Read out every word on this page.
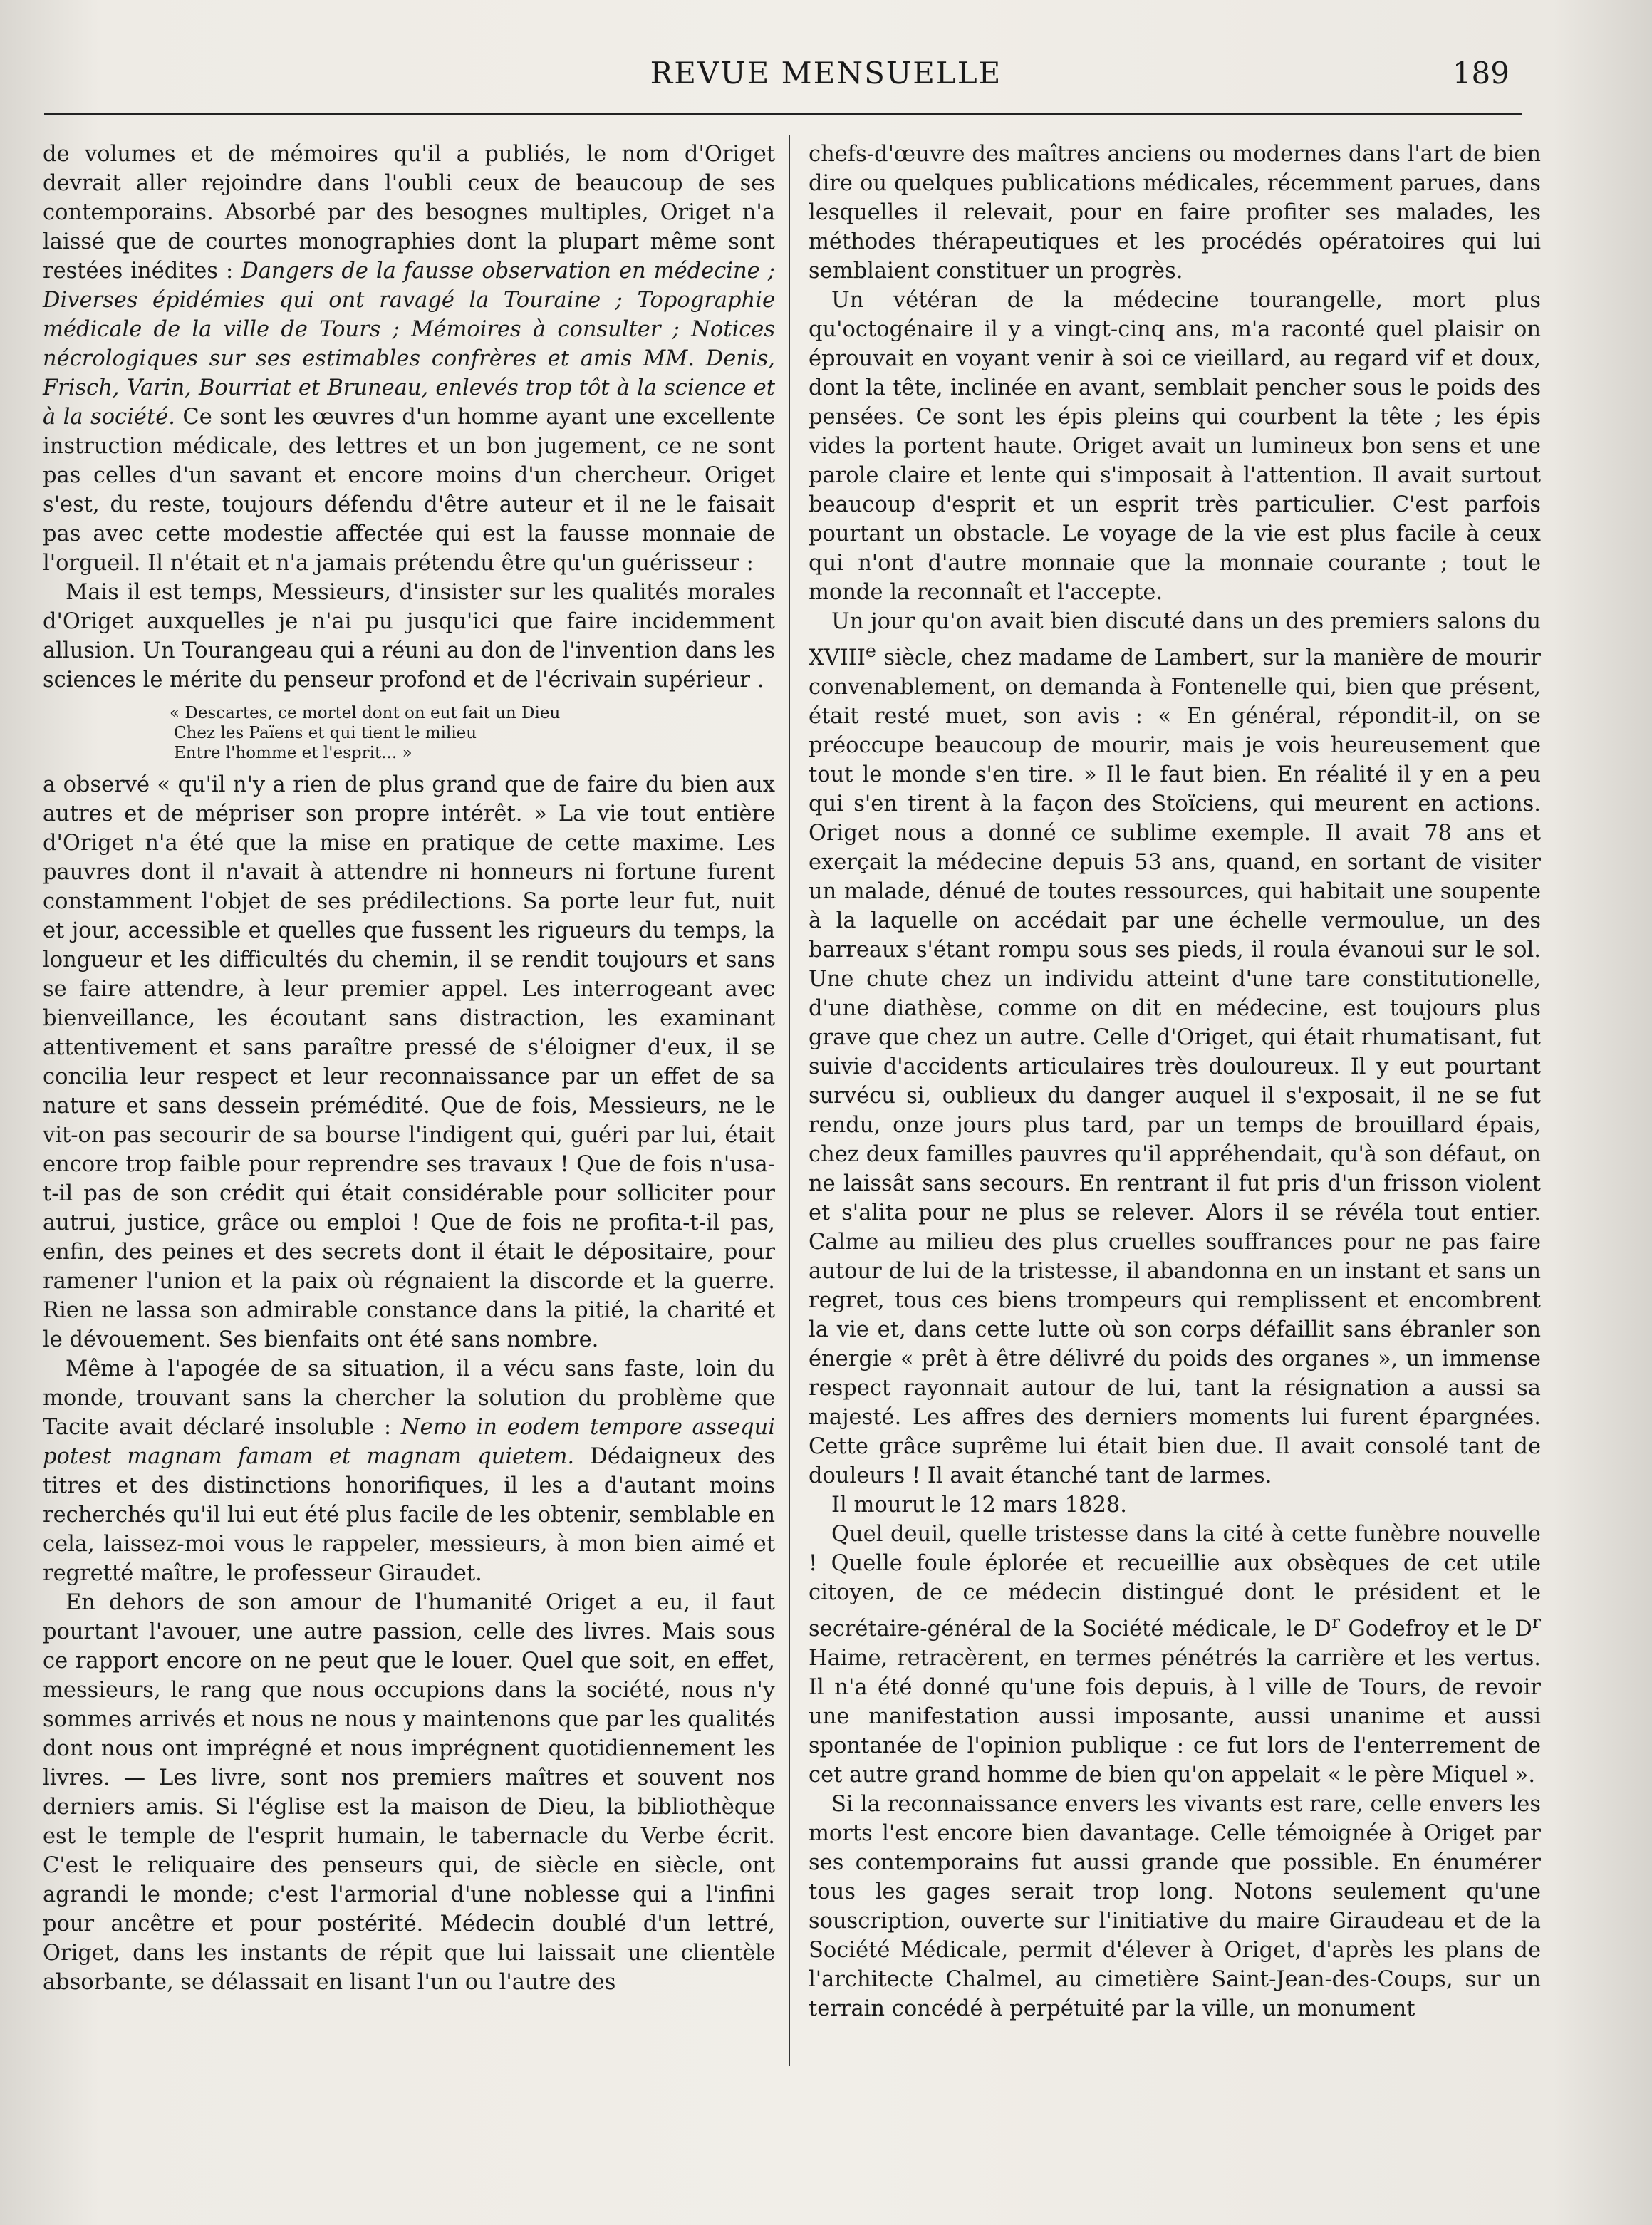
REVUE MENSUELLE	189

de volumes et de mémoires qu'il a publiés, le nom d'Origet devrait aller rejoindre dans l'oubli ceux de beaucoup de ses contemporains. Absorbé par des besognes multiples, Origet n'a laissé que de courtes monographies dont la plupart même sont restées inédites : Dangers de la fausse observation en médecine ; Diverses épidémies qui ont ravagé la Touraine ; Topographie médicale de la ville de Tours ; Mémoires à consulter ; Notices nécrologiques sur ses estimables confrères et amis MM. Denis, Frisch, Varin, Bourriat et Bruneau, enlevés trop tôt à la science et à la société. Ce sont les œuvres d'un homme ayant une excellente instruction médicale, des lettres et un bon jugement, ce ne sont pas celles d'un savant et encore moins d'un chercheur. Origet s'est, du reste, toujours défendu d'être auteur et il ne le faisait pas avec cette modestie affectée qui est la fausse monnaie de l'orgueil. Il n'était et n'a jamais prétendu être qu'un guérisseur :

Mais il est temps, Messieurs, d'insister sur les qualités morales d'Origet auxquelles je n'ai pu jusqu'ici que faire incidemment allusion. Un Tourangeau qui a réuni au don de l'invention dans les sciences le mérite du penseur profond et de l'écrivain supérieur .

« Descartes, ce mortel dont on eut fait un Dieu
Chez les Païens et qui tient le milieu
Entre l'homme et l'esprit... »

a observé « qu'il n'y a rien de plus grand que de faire du bien aux autres et de mépriser son propre intérêt. » La vie tout entière d'Origet n'a été que la mise en pratique de cette maxime. Les pauvres dont il n'avait à attendre ni honneurs ni fortune furent constamment l'objet de ses prédilections. Sa porte leur fut, nuit et jour, accessible et quelles que fussent les rigueurs du temps, la longueur et les difficultés du chemin, il se rendit toujours et sans se faire attendre, à leur premier appel. Les interrogeant avec bienveillance, les écoutant sans distraction, les examinant attentivement et sans paraître pressé de s'éloigner d'eux, il se concilia leur respect et leur reconnaissance par un effet de sa nature et sans dessein prémédité. Que de fois, Messieurs, ne le vit-on pas secourir de sa bourse l'indigent qui, guéri par lui, était encore trop faible pour reprendre ses travaux ! Que de fois n'usa-t-il pas de son crédit qui était considérable pour solliciter pour autrui, justice, grâce ou emploi ! Que de fois ne profita-t-il pas, enfin, des peines et des secrets dont il était le dépositaire, pour ramener l'union et la paix où régnaient la discorde et la guerre. Rien ne lassa son admirable constance dans la pitié, la charité et le dévouement. Ses bienfaits ont été sans nombre.

Même à l'apogée de sa situation, il a vécu sans faste, loin du monde, trouvant sans la chercher la solution du problème que Tacite avait déclaré insoluble : Nemo in eodem tempore assequi potest magnam famam et magnam quietem. Dédaigneux des titres et des distinctions honorifiques, il les a d'autant moins recherchés qu'il lui eut été plus facile de les obtenir, semblable en cela, laissez-moi vous le rappeler, messieurs, à mon bien aimé et regretté maître, le professeur Giraudet.

En dehors de son amour de l'humanité Origet a eu, il faut pourtant l'avouer, une autre passion, celle des livres. Mais sous ce rapport encore on ne peut que le louer. Quel que soit, en effet, messieurs, le rang que nous occupions dans la société, nous n'y sommes arrivés et nous ne nous y maintenons que par les qualités dont nous ont imprégné et nous imprégnent quotidiennement les livres. — Les livre, sont nos premiers maîtres et souvent nos derniers amis. Si l'église est la maison de Dieu, la bibliothèque est le temple de l'esprit humain, le tabernacle du Verbe écrit. C'est le reliquaire des penseurs qui, de siècle en siècle, ont agrandi le monde; c'est l'armorial d'une noblesse qui a l'infini pour ancêtre et pour postérité. Médecin doublé d'un lettré, Origet, dans les instants de répit que lui laissait une clientèle absorbante, se délassait en lisant l'un ou l'autre des

chefs-d'œuvre des maîtres anciens ou modernes dans l'art de bien dire ou quelques publications médicales, récemment parues, dans lesquelles il relevait, pour en faire profiter ses malades, les méthodes thérapeutiques et les procédés opératoires qui lui semblaient constituer un progrès.

Un vétéran de la médecine tourangelle, mort plus qu'octogénaire il y a vingt-cinq ans, m'a raconté quel plaisir on éprouvait en voyant venir à soi ce vieillard, au regard vif et doux, dont la tête, inclinée en avant, semblait pencher sous le poids des pensées. Ce sont les épis pleins qui courbent la tête ; les épis vides la portent haute. Origet avait un lumineux bon sens et une parole claire et lente qui s'imposait à l'attention. Il avait surtout beaucoup d'esprit et un esprit très particulier. C'est parfois pourtant un obstacle. Le voyage de la vie est plus facile à ceux qui n'ont d'autre monnaie que la monnaie courante ; tout le monde la reconnaît et l'accepte.

Un jour qu'on avait bien discuté dans un des premiers salons du XVIIIe siècle, chez madame de Lambert, sur la manière de mourir convenablement, on demanda à Fontenelle qui, bien que présent, était resté muet, son avis : « En général, répondit-il, on se préoccupe beaucoup de mourir, mais je vois heureusement que tout le monde s'en tire. » Il le faut bien. En réalité il y en a peu qui s'en tirent à la façon des Stoïciens, qui meurent en actions. Origet nous a donné ce sublime exemple. Il avait 78 ans et exerçait la médecine depuis 53 ans, quand, en sortant de visiter un malade, dénué de toutes ressources, qui habitait une soupente à la laquelle on accédait par une échelle vermoulue, un des barreaux s'étant rompu sous ses pieds, il roula évanoui sur le sol. Une chute chez un individu atteint d'une tare constitutionelle, d'une diathèse, comme on dit en médecine, est toujours plus grave que chez un autre. Celle d'Origet, qui était rhumatisant, fut suivie d'accidents articulaires très douloureux. Il y eut pourtant survécu si, oublieux du danger auquel il s'exposait, il ne se fut rendu, onze jours plus tard, par un temps de brouillard épais, chez deux familles pauvres qu'il appréhendait, qu'à son défaut, on ne laissât sans secours. En rentrant il fut pris d'un frisson violent et s'alita pour ne plus se relever. Alors il se révéla tout entier. Calme au milieu des plus cruelles souffrances pour ne pas faire autour de lui de la tristesse, il abandonna en un instant et sans un regret, tous ces biens trompeurs qui remplissent et encombrent la vie et, dans cette lutte où son corps défaillit sans ébranler son énergie « prêt à être délivré du poids des organes », un immense respect rayonnait autour de lui, tant la résignation a aussi sa majesté. Les affres des derniers moments lui furent épargnées. Cette grâce suprême lui était bien due. Il avait consolé tant de douleurs ! Il avait étanché tant de larmes.

Il mourut le 12 mars 1828.

Quel deuil, quelle tristesse dans la cité à cette funèbre nouvelle ! Quelle foule éplorée et recueillie aux obsèques de cet utile citoyen, de ce médecin distingué dont le président et le secrétaire-général de la Société médicale, le $D^r$ Godefroy et le $D^r$ Haime, retracèrent, en termes pénétrés la carrière et les vertus. Il n'a été donné qu'une fois depuis, à l ville de Tours, de revoir une manifestation aussi imposante, aussi unanime et aussi spontanée de l'opinion publique : ce fut lors de l'enterrement de cet autre grand homme de bien qu'on appelait « le père Miquel ».

Si la reconnaissance envers les vivants est rare, celle envers les morts l'est encore bien davantage. Celle témoignée à Origet par ses contemporains fut aussi grande que possible. En énumérer tous les gages serait trop long. Notons seulement qu'une souscription, ouverte sur l'initiative du maire Giraudeau et de la Société Médicale, permit d'élever à Origet, d'après les plans de l'architecte Chalmel, au cimetière Saint-Jean-des-Coups, sur un terrain concédé à perpétuité par la ville, un monument
